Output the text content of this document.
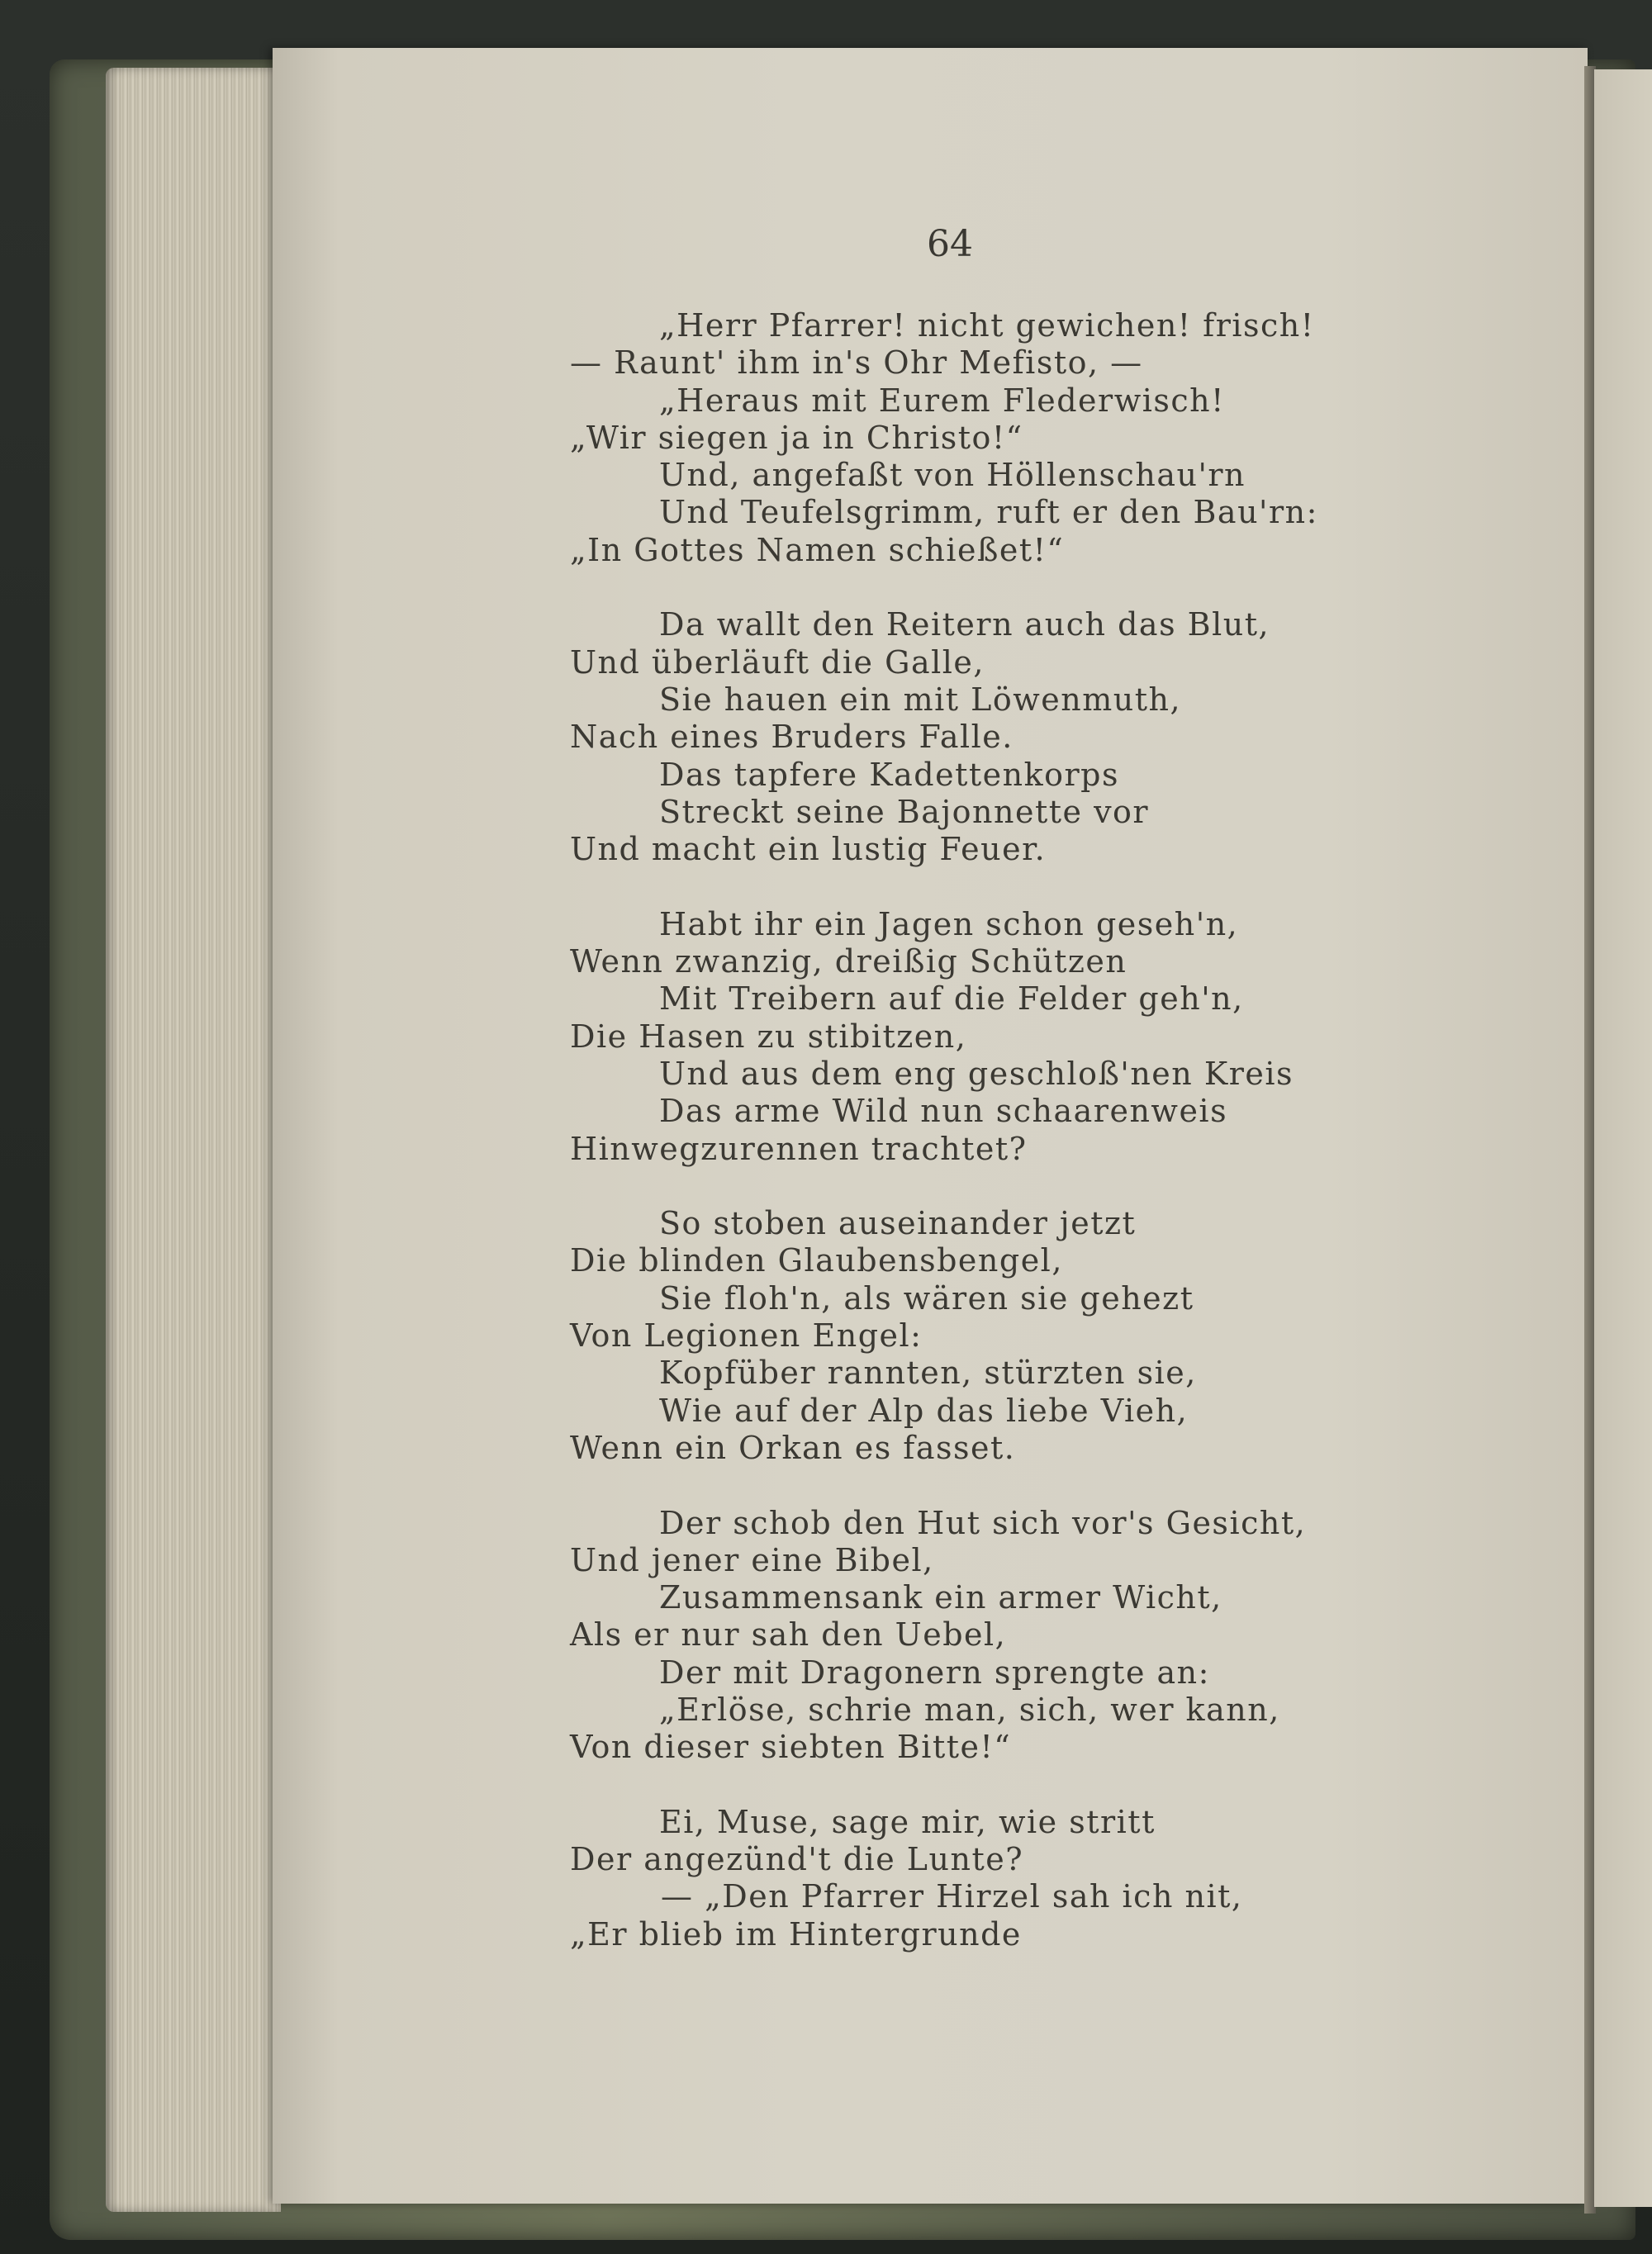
64
„Herr Pfarrer! nicht gewichen! frisch!
— Raunt' ihm in's Ohr Mefisto, —
„Heraus mit Eurem Flederwisch!
„Wir siegen ja in Christo!“
Und, angefaßt von Höllenschau'rn
Und Teufelsgrimm, ruft er den Bau'rn:
„In Gottes Namen schießet!“
Da wallt den Reitern auch das Blut,
Und überläuft die Galle,
Sie hauen ein mit Löwenmuth,
Nach eines Bruders Falle.
Das tapfere Kadettenkorps
Streckt seine Bajonnette vor
Und macht ein lustig Feuer.
Habt ihr ein Jagen schon geseh'n,
Wenn zwanzig, dreißig Schützen
Mit Treibern auf die Felder geh'n,
Die Hasen zu stibitzen,
Und aus dem eng geschloß'nen Kreis
Das arme Wild nun schaarenweis
Hinwegzurennen trachtet?
So stoben auseinander jetzt
Die blinden Glaubensbengel,
Sie floh'n, als wären sie gehezt
Von Legionen Engel:
Kopfüber rannten, stürzten sie,
Wie auf der Alp das liebe Vieh,
Wenn ein Orkan es fasset.
Der schob den Hut sich vor's Gesicht,
Und jener eine Bibel,
Zusammensank ein armer Wicht,
Als er nur sah den Uebel,
Der mit Dragonern sprengte an:
„Erlöse, schrie man, sich, wer kann,
Von dieser siebten Bitte!“
Ei, Muse, sage mir, wie stritt
Der angezünd't die Lunte?
— „Den Pfarrer Hirzel sah ich nit,
„Er blieb im Hintergrunde
